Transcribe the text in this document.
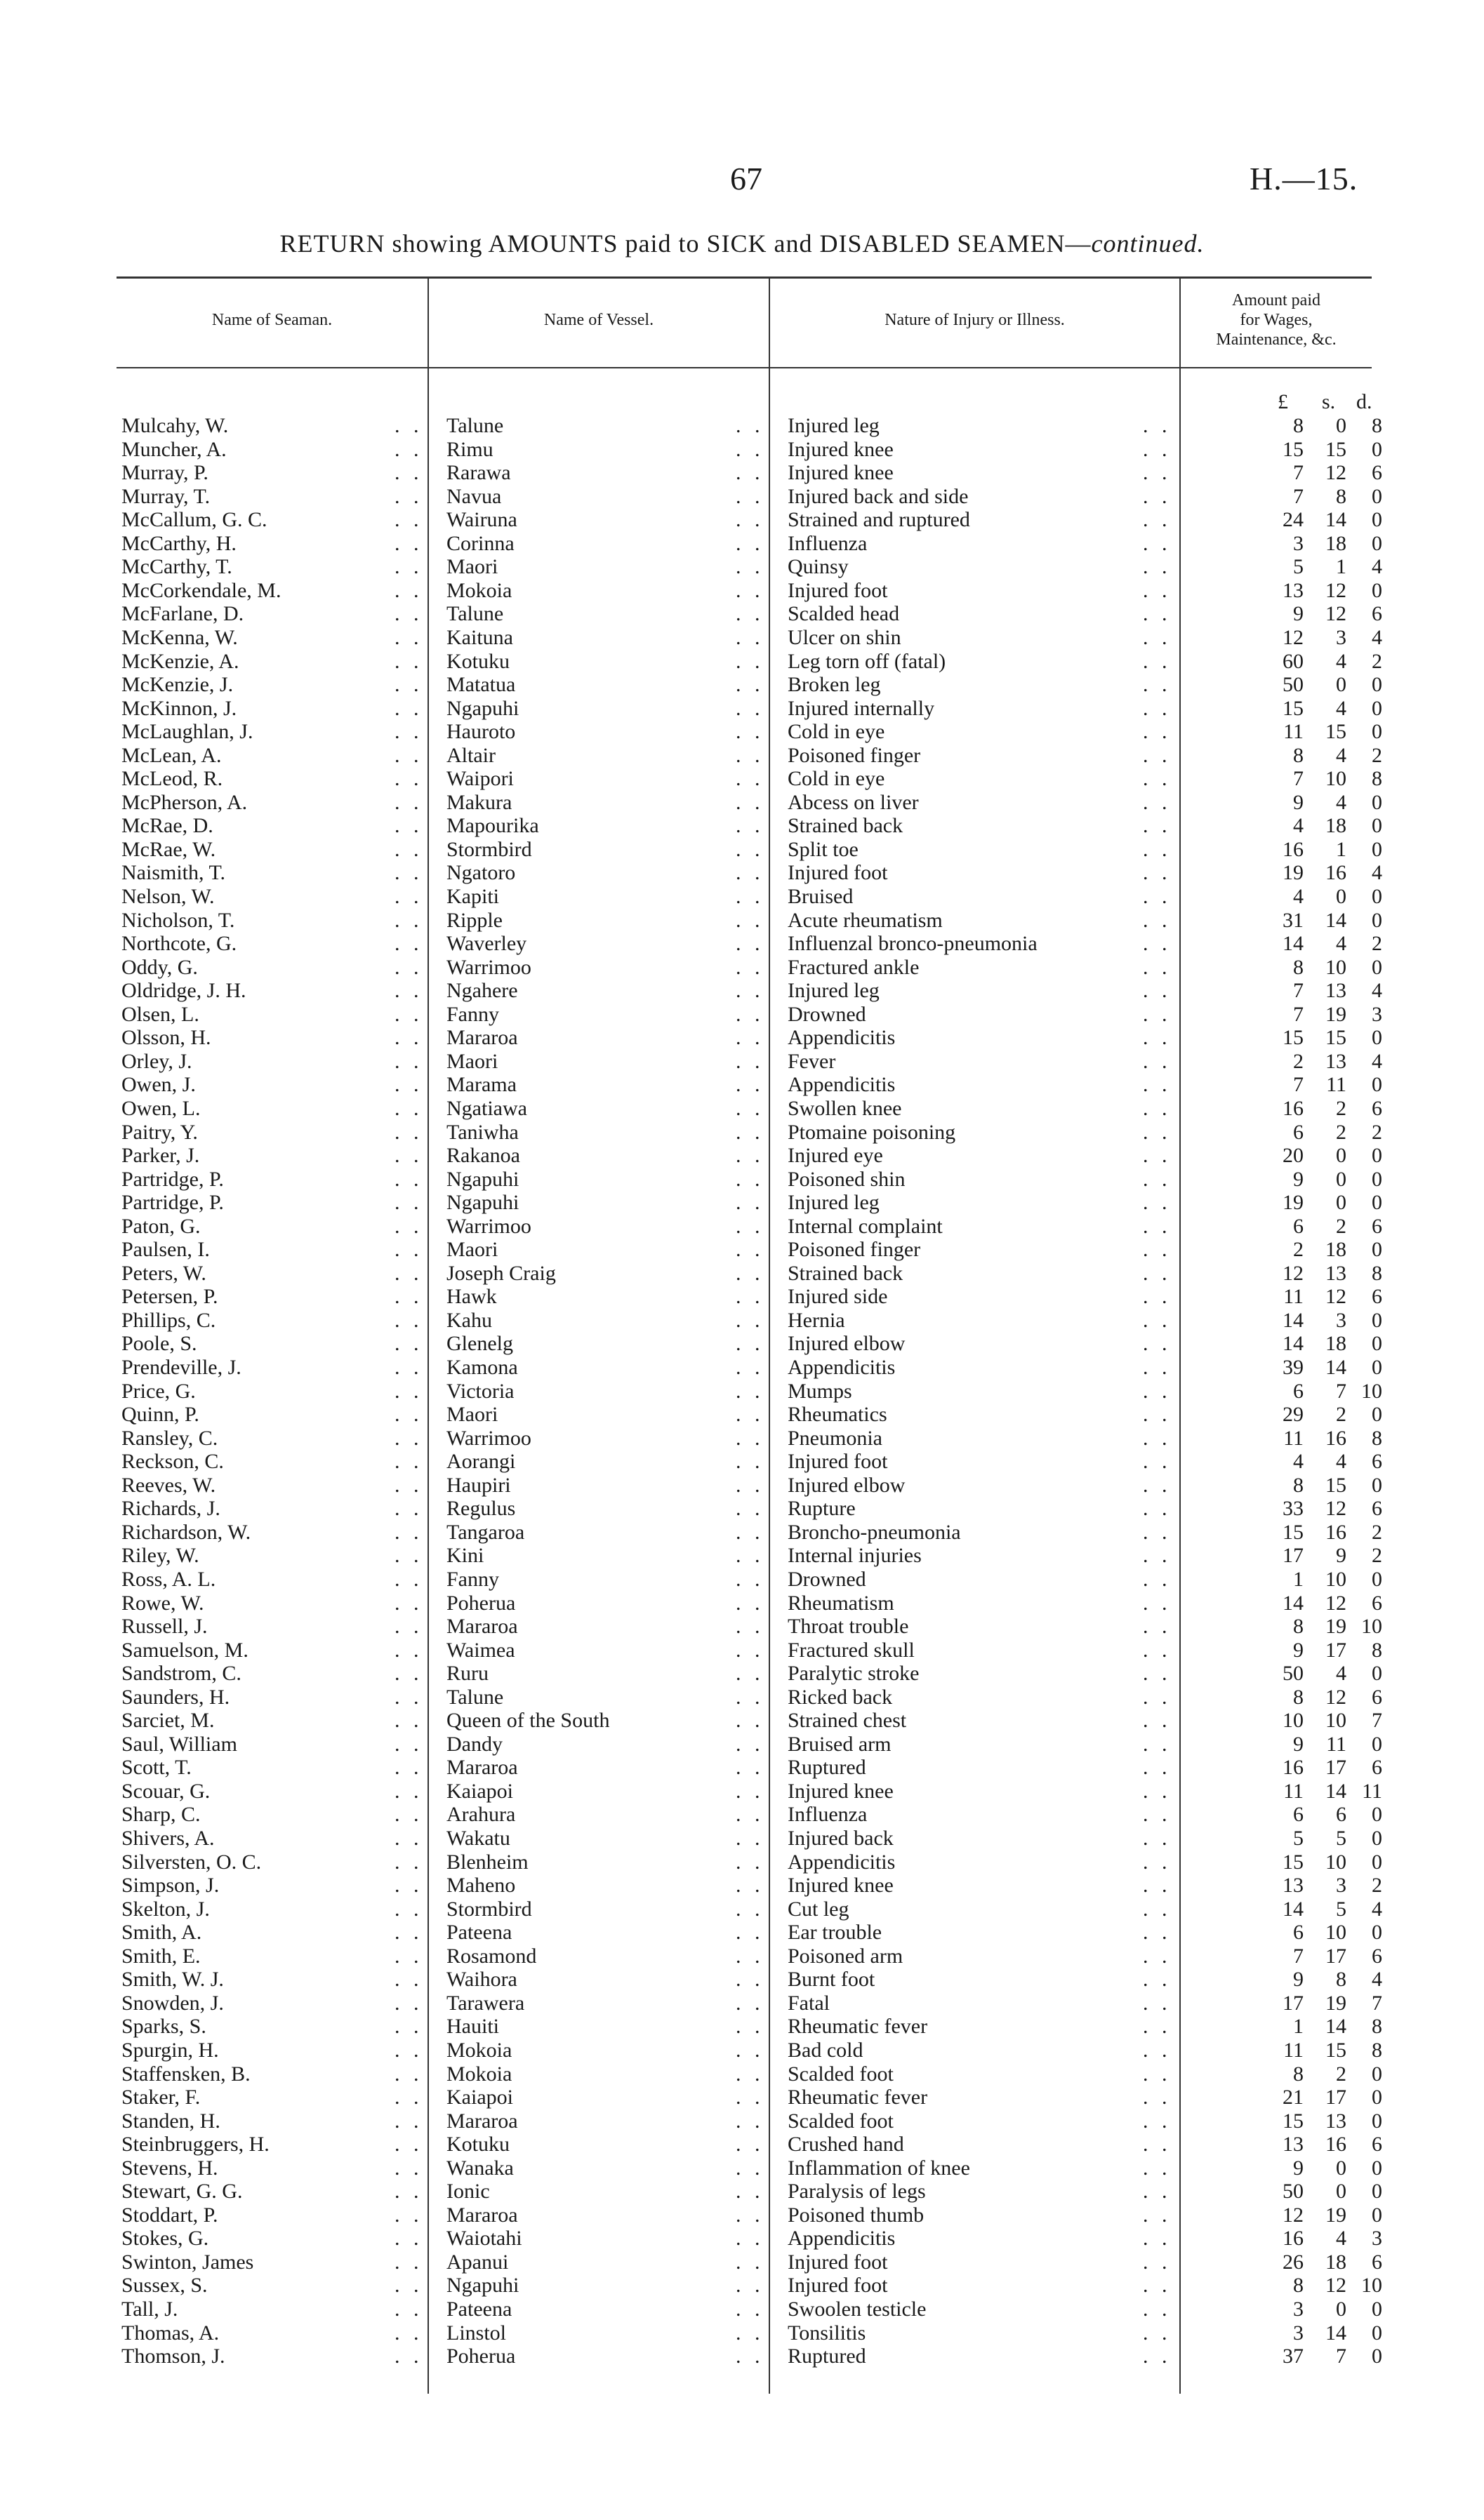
67	H.—15.
RETURN showing AMOUNTS paid to SICK and DISABLED SEAMEN—continued.
Name of Seaman.	Name of Vessel.	Nature of Injury or Illness.
Amount paid
for Wages,
Maintenance, &c.
£ s. d.
Mulcahy, W.	. . Talune	. . Injured leg	. .	8	0	8
Muncher, A.	. . Rimu	. . Injured knee	. .	15	15	0
Murray, P.	. . Rarawa	. . Injured knee	. .	7	12	6
Murray, T.	. . Navua	. . Injured back and side	. .	7	8	0
McCallum, G. C.	. . Wairuna	. . Strained and ruptured	. .	24	14	0
McCarthy, H.	. . Corinna	. . Influenza	. .	3	18	0
McCarthy, T.	. . Maori	. . Quinsy	. .	5	1	4
McCorkendale, M.	. . Mokoia	. . Injured foot	. .	13	12	0
McFarlane, D.	. . Talune	. . Scalded head	. .	9	12	6
McKenna, W.	. . Kaituna	. . Ulcer on shin	. .	12	3	4
McKenzie, A.	. . Kotuku	. . Leg torn off (fatal)	. .	60	4	2
McKenzie, J.	. . Matatua	. . Broken leg	. .	50	0	0
McKinnon, J.	. . Ngapuhi	. . Injured internally	. .	15	4	0
McLaughlan, J.	. . Hauroto	. . Cold in eye	. .	11	15	0
McLean, A.	. . Altair	. . Poisoned finger	. .	8	4	2
McLeod, R.	. . Waipori	. . Cold in eye	. .	7	10	8
McPherson, A.	. . Makura	. . Abcess on liver	. .	9	4	0
McRae, D.	. . Mapourika	. . Strained back	. .	4	18	0
McRae, W.	. . Stormbird	. . Split toe	. .	16	1	0
Naismith, T.	. . Ngatoro	. . Injured foot	. .	19	16	4
Nelson, W.	. . Kapiti	. . Bruised	. .	4	0	0
Nicholson, T.	. . Ripple	. . Acute rheumatism	. .	31	14	0
Northcote, G.	. . Waverley	. . Influenzal bronco-pneumonia	. .	14	4	2
Oddy, G.	. . Warrimoo	. . Fractured ankle	. .	8	10	0
Oldridge, J. H.	. . Ngahere	. . Injured leg	. .	7	13	4
Olsen, L.	. . Fanny	. . Drowned	. .	7	19	3
Olsson, H.	. . Mararoa	. . Appendicitis	. .	15	15	0
Orley, J.	. . Maori	. . Fever	. .	2	13	4
Owen, J.	. . Marama	. . Appendicitis	. .	7	11	0
Owen, L.	. . Ngatiawa	. . Swollen knee	. .	16	2	6
Paitry, Y.	. . Taniwha	. . Ptomaine poisoning	. .	6	2	2
Parker, J.	. . Rakanoa	. . Injured eye	. .	20	0	0
Partridge, P.	. . Ngapuhi	. . Poisoned shin	. .	9	0	0
Partridge, P.	. . Ngapuhi	. . Injured leg	. .	19	0	0
Paton, G.	. . Warrimoo	. . Internal complaint	. .	6	2	6
Paulsen, I.	. . Maori	. . Poisoned finger	. .	2	18	0
Peters, W.	. . Joseph Craig	. . Strained back	. .	12	13	8
Petersen, P.	. . Hawk	. . Injured side	. .	11	12	6
Phillips, C.	. . Kahu	. . Hernia	. .	14	3	0
Poole, S.	. . Glenelg	. . Injured elbow	. .	14	18	0
Prendeville, J.	. . Kamona	. . Appendicitis	. .	39	14	0
Price, G.	. . Victoria	. . Mumps	. .	6	7 10
Quinn, P.	. . Maori	. . Rheumatics	. .	29	2	0
Ransley, C.	. . Warrimoo	. . Pneumonia	. .	11	16	8
Reckson, C.	. . Aorangi	. . Injured foot	. .	4	4	6
Reeves, W.	. . Haupiri	. . Injured elbow	. .	8	15	0
Richards, J.	. . Regulus	. . Rupture	. .	33	12	6
Richardson, W.	. . Tangaroa	. . Broncho-pneumonia	. .	15	16	2
Riley, W.	. . Kini	. . Internal injuries	. .	17	9	2
Ross, A. L.	. . Fanny	. . Drowned	. .	1	10	0
Rowe, W.	. . Poherua	. . Rheumatism	. .	14	12	6
Russell, J.	. . Mararoa	. . Throat trouble	. .	8	19 10
Samuelson, M.	. . Waimea	. . Fractured skull	. .	9	17	8
Sandstrom, C.	. . Ruru	. . Paralytic stroke	. .	50	4	0
Saunders, H.	. . Talune	. . Ricked back	. .	8	12	6
Sarciet, M.	. . Queen of the South	. . Strained chest	. .	10	10	7
Saul, William	. . Dandy	. . Bruised arm	. .	9	11	0
Scott, T.	. . Mararoa	. . Ruptured	. .	16	17	6
Scouar, G.	. . Kaiapoi	. . Injured knee	. .	11	14 11
Sharp, C.	. . Arahura	. . Influenza	. .	6	6	0
Shivers, A.	. . Wakatu	. . Injured back	. .	5	5	0
Silversten, O. C.	. . Blenheim	. . Appendicitis	. .	15	10	0
Simpson, J.	. . Maheno	. . Injured knee	. .	13	3	2
Skelton, J.	. . Stormbird	. . Cut leg	. .	14	5	4
Smith, A.	. . Pateena	. . Ear trouble	. .	6	10	0
Smith, E.	. . Rosamond	. . Poisoned arm	. .	7	17	6
Smith, W. J.	. . Waihora	. . Burnt foot	. .	9	8	4
Snowden, J.	. . Tarawera	. . Fatal	. .	17	19	7
Sparks, S.	. . Hauiti	. . Rheumatic fever	. .	1	14	8
Spurgin, H.	. . Mokoia	. . Bad cold	. .	11	15	8
Staffensken, B.	. . Mokoia	. . Scalded foot	. .	8	2	0
Staker, F.	. . Kaiapoi	. . Rheumatic fever	. .	21	17	0
Standen, H.	. . Mararoa	. . Scalded foot	. .	15	13	0
Steinbruggers, H.	. . Kotuku	. . Crushed hand	. .	13	16	6
Stevens, H.	. . Wanaka	. . Inflammation of knee	. .	9	0	0
Stewart, G. G.	. . Ionic	. . Paralysis of legs	. .	50	0	0
Stoddart, P.	. . Mararoa	. . Poisoned thumb	. .	12	19	0
Stokes, G.	. . Waiotahi	. . Appendicitis	. .	16	4	3
Swinton, James	. . Apanui	. . Injured foot	. .	26	18	6
Sussex, S.	. . Ngapuhi	. . Injured foot	. .	8	12 10
Tall, J.	. . Pateena	. . Swoolen testicle	. .	3	0	0
Thomas, A.	. . Linstol	. . Tonsilitis	. .	3	14	0
Thomson, J.	. . Poherua	. . Ruptured	. .	37	7	0
